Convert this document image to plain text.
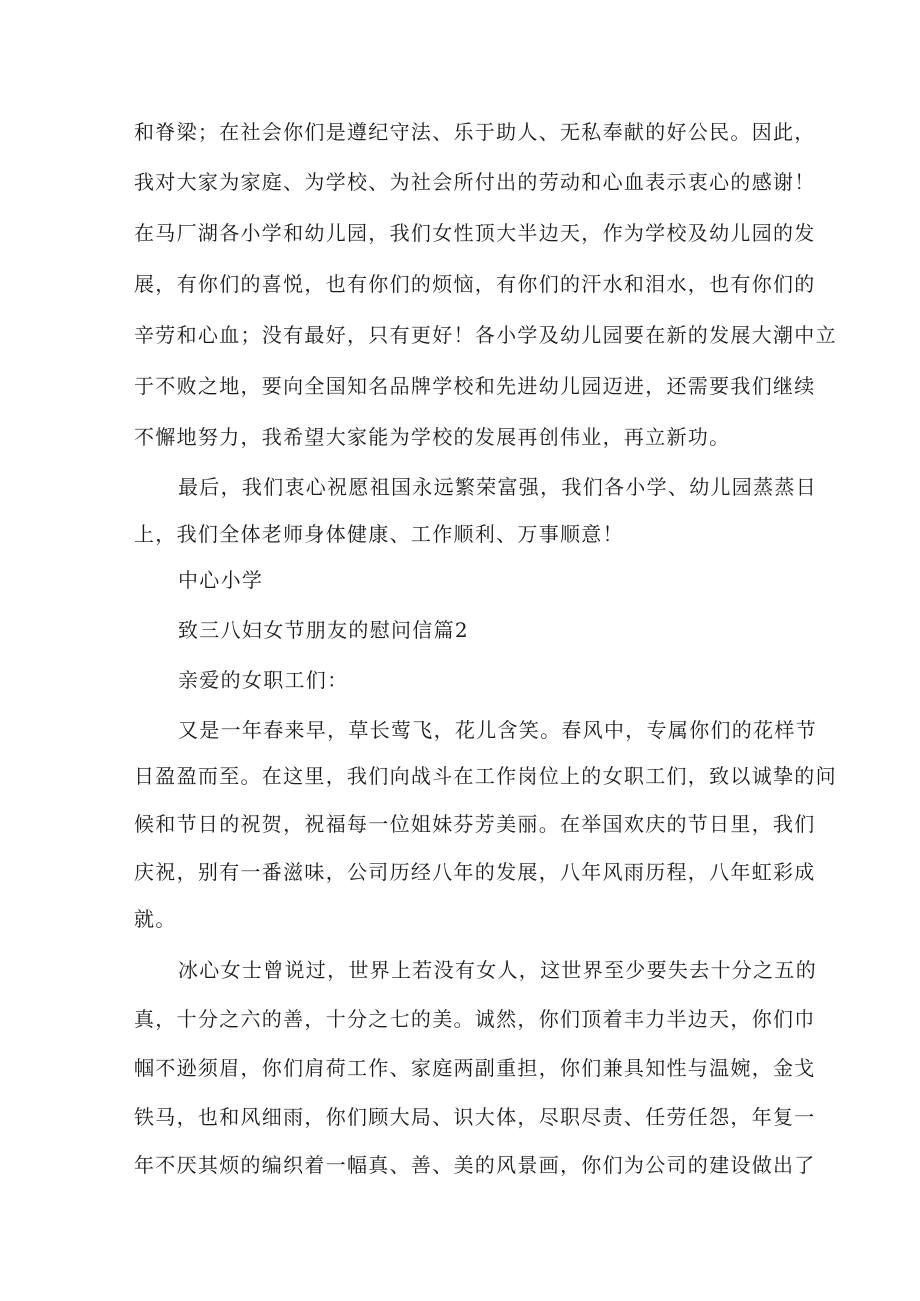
和脊梁；在社会你们是遵纪守法、乐于助人、无私奉献的好公民。因此，
我对大家为家庭、为学校、为社会所付出的劳动和心血表示衷心的感谢！
在马厂湖各小学和幼儿园，我们女性顶大半边天，作为学校及幼儿园的发
展，有你们的喜悦，也有你们的烦恼，有你们的汗水和泪水，也有你们的
辛劳和心血；没有最好，只有更好！各小学及幼儿园要在新的发展大潮中立
于不败之地，要向全国知名品牌学校和先进幼儿园迈进，还需要我们继续
不懈地努力，我希望大家能为学校的发展再创伟业，再立新功。
最后，我们衷心祝愿祖国永远繁荣富强，我们各小学、幼儿园蒸蒸日
上，我们全体老师身体健康、工作顺利、万事顺意！
中心小学
致三八妇女节朋友的慰问信篇2
亲爱的女职工们：
又是一年春来早，草长莺飞，花儿含笑。春风中，专属你们的花样节
日盈盈而至。在这里，我们向战斗在工作岗位上的女职工们，致以诚挚的问
候和节日的祝贺，祝福每一位姐妹芬芳美丽。在举国欢庆的节日里，我们
庆祝，别有一番滋味，公司历经八年的发展，八年风雨历程，八年虹彩成
就。
冰心女士曾说过，世界上若没有女人，这世界至少要失去十分之五的
真，十分之六的善，十分之七的美。诚然，你们顶着丰力半边天，你们巾
帼不逊须眉，你们肩荷工作、家庭两副重担，你们兼具知性与温婉，金戈
铁马，也和风细雨，你们顾大局、识大体，尽职尽责、任劳任怨，年复一
年不厌其烦的编织着一幅真、善、美的风景画，你们为公司的建设做出了
